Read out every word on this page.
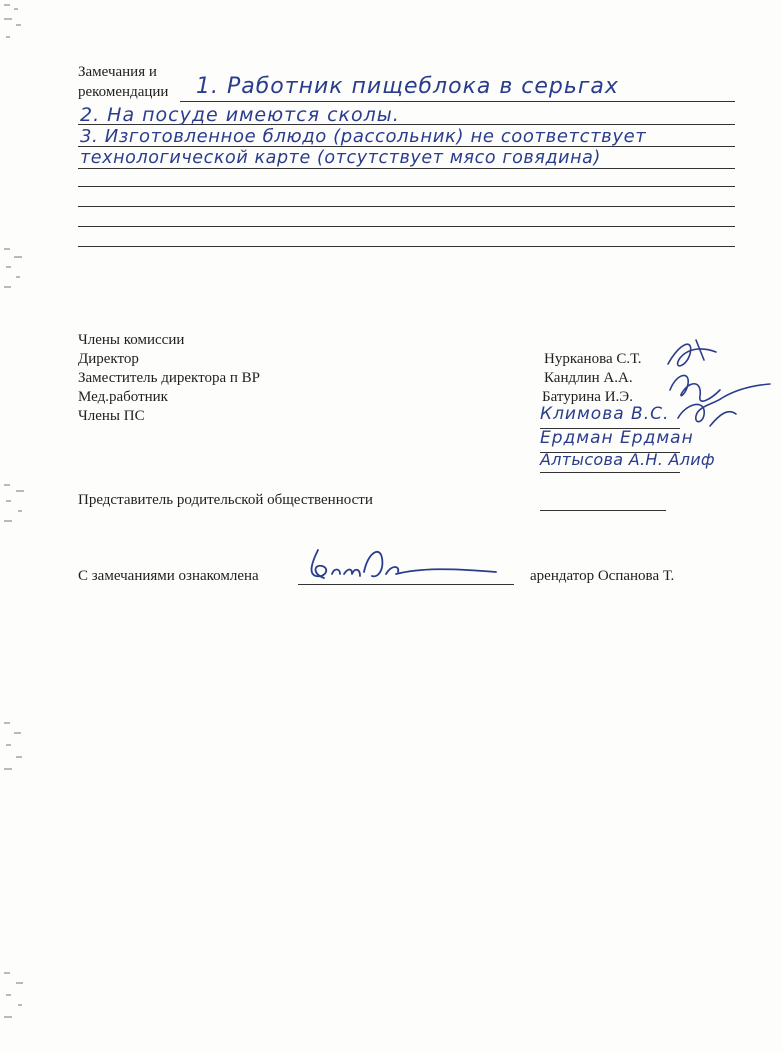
Замечания и
рекомендации 1. Работник пищеблока в серьгах
2. На посуде имеются сколы.
3. Изготовленное блюдо (рассольник) не соответствует
технологической карте (отсутствует мясо говядина)
Члены комиссии
Директор	Нурканова С.Т.
Заместитель директора п ВР	Кандлин А.А.
Мед.работник	Батурина И.Э.
Члены ПС	Климова В.С.
Ердман Ердман
Алтысова А.Н. Алиф
Представитель родительской общественности
С замечаниями ознакомлена	арендатор Оспанова Т.
